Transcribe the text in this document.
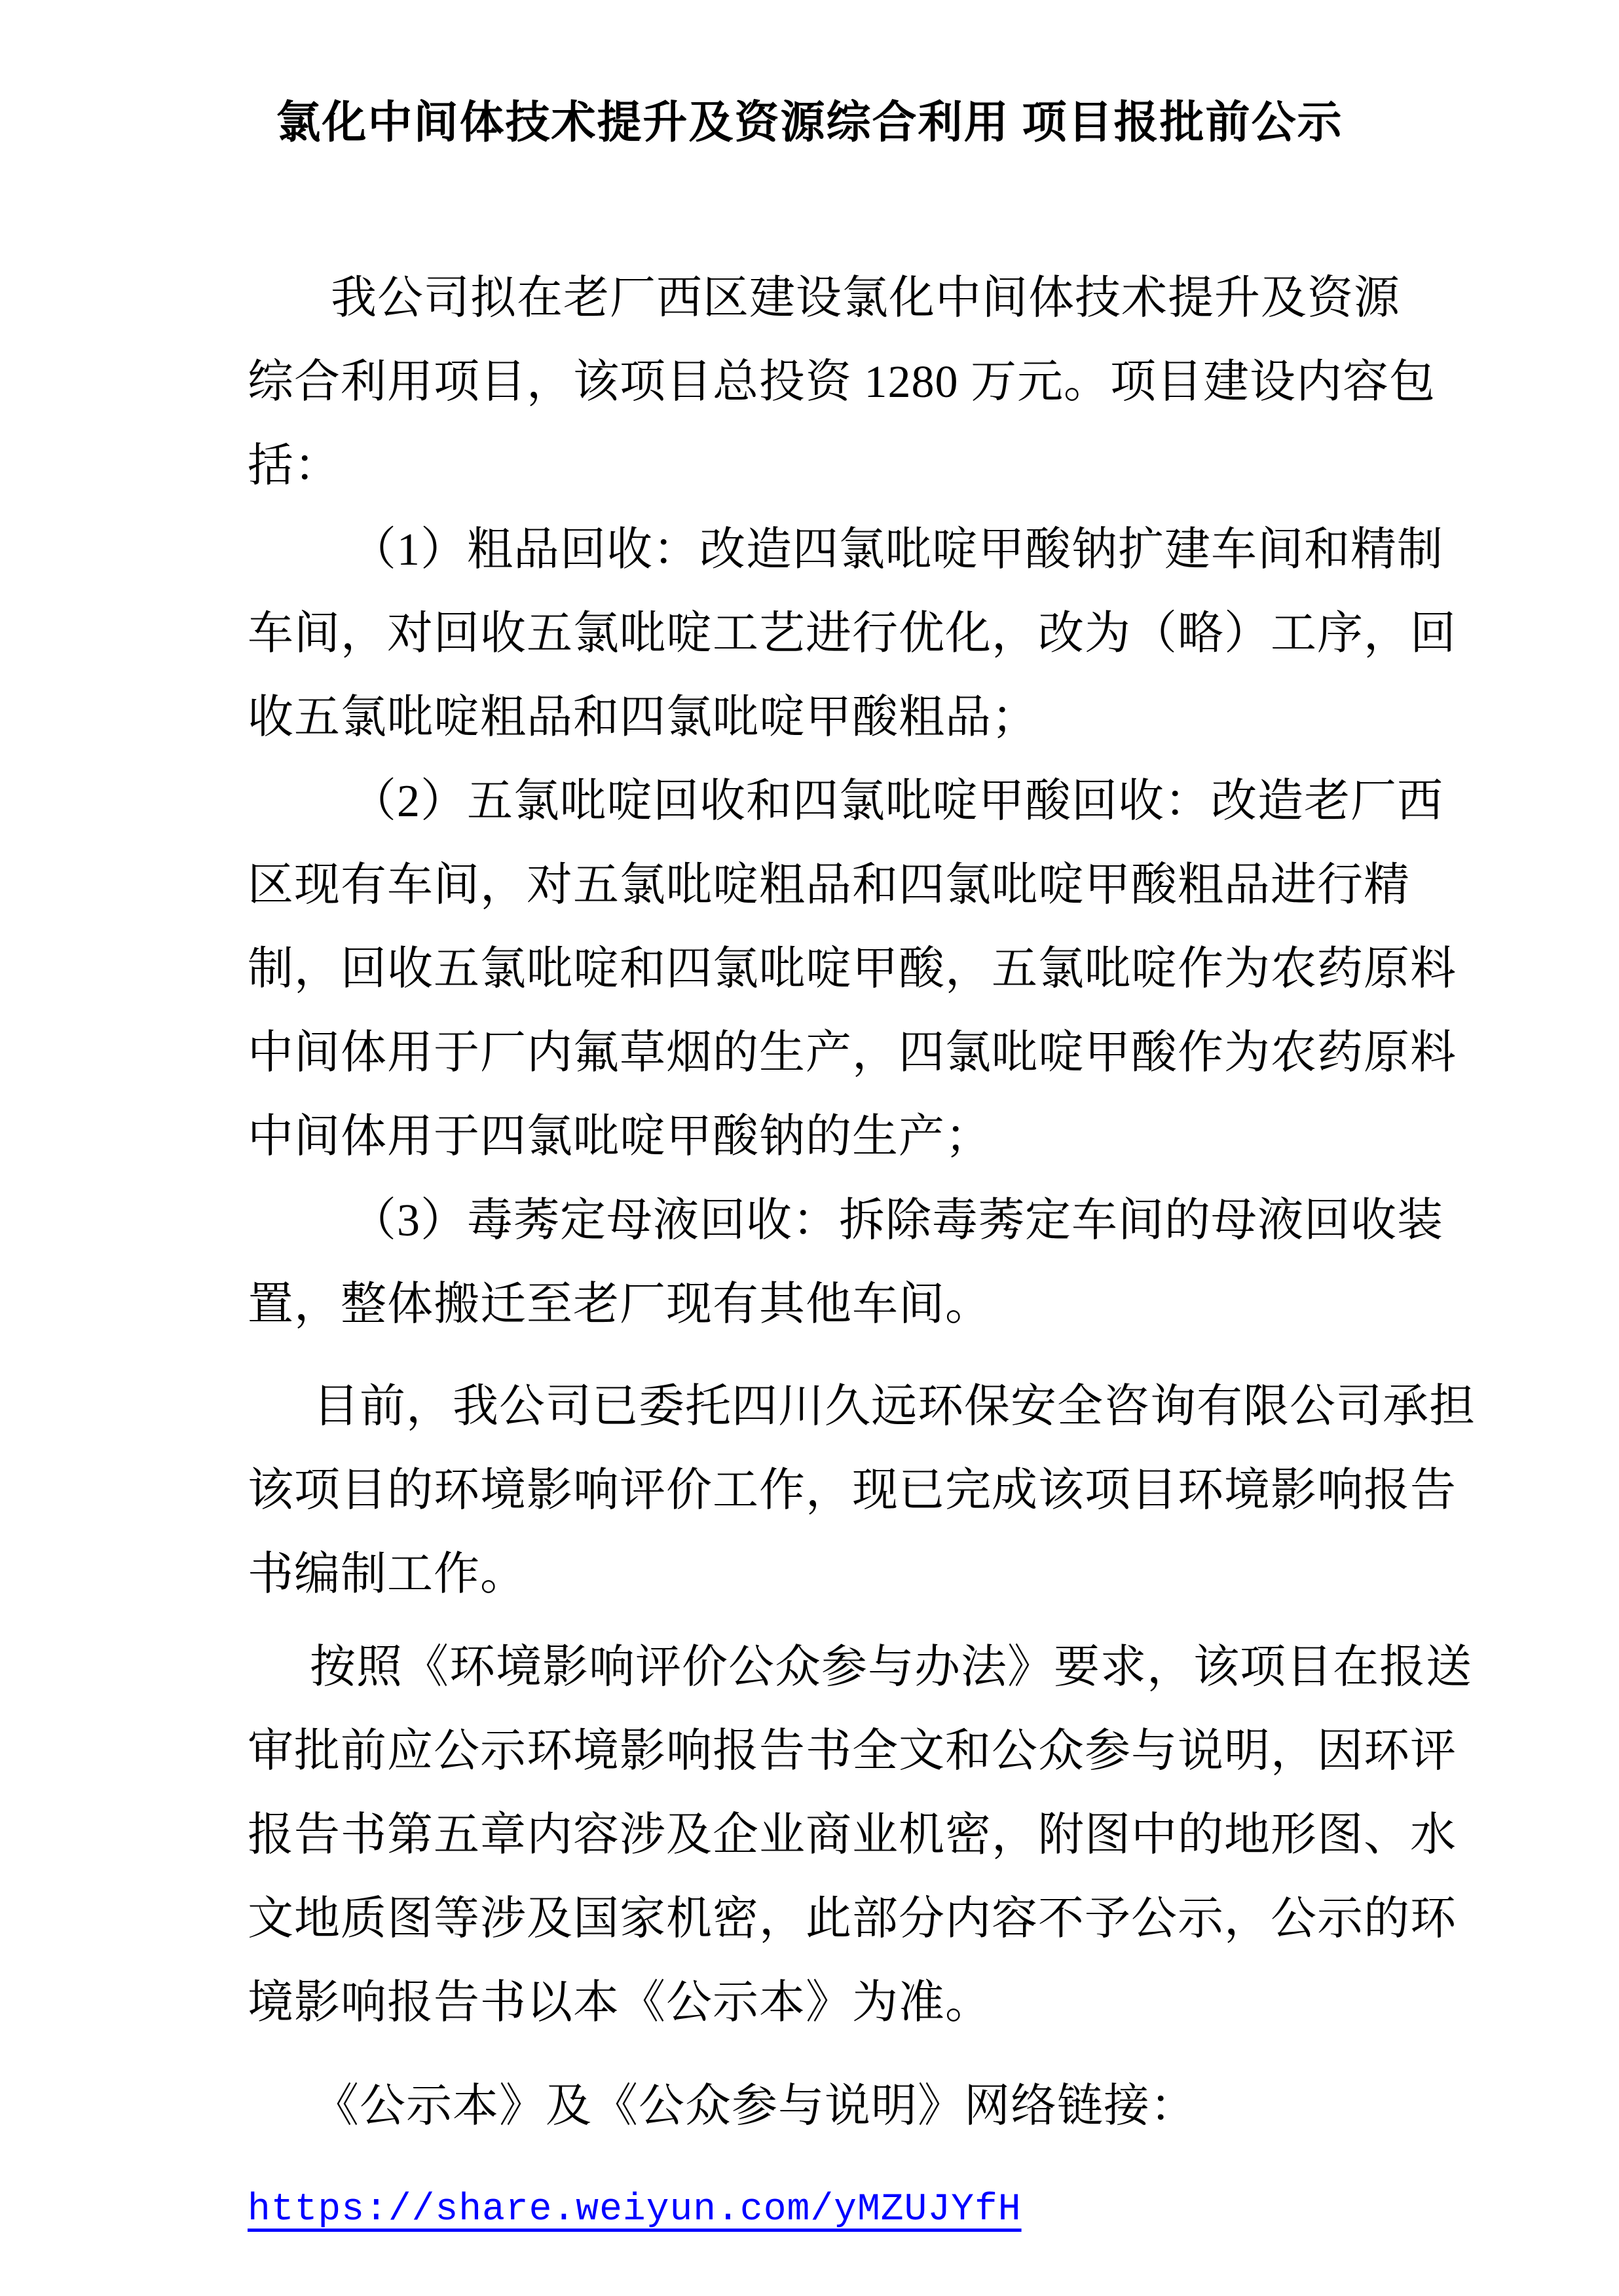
氯化中间体技术提升及资源综合利用 项目报批前公示
我公司拟在老厂西区建设氯化中间体技术提升及资源
综合利用项目，该项目总投资 1280 万元。项目建设内容包
括：
（1）粗品回收：改造四氯吡啶甲酸钠扩建车间和精制
车间，对回收五氯吡啶工艺进行优化，改为（略）工序，回
收五氯吡啶粗品和四氯吡啶甲酸粗品；
（2）五氯吡啶回收和四氯吡啶甲酸回收：改造老厂西
区现有车间，对五氯吡啶粗品和四氯吡啶甲酸粗品进行精
制，回收五氯吡啶和四氯吡啶甲酸，五氯吡啶作为农药原料
中间体用于厂内氟草烟的生产，四氯吡啶甲酸作为农药原料
中间体用于四氯吡啶甲酸钠的生产；
（3）毒莠定母液回收：拆除毒莠定车间的母液回收装
置，整体搬迁至老厂现有其他车间。
目前，我公司已委托四川久远环保安全咨询有限公司承担
该项目的环境影响评价工作，现已完成该项目环境影响报告
书编制工作。
按照《环境影响评价公众参与办法》要求，该项目在报送
审批前应公示环境影响报告书全文和公众参与说明，因环评
报告书第五章内容涉及企业商业机密，附图中的地形图、水
文地质图等涉及国家机密，此部分内容不予公示，公示的环
境影响报告书以本《公示本》为准。
《公示本》及《公众参与说明》网络链接：
https://share.weiyun.com/yMZUJYfH
